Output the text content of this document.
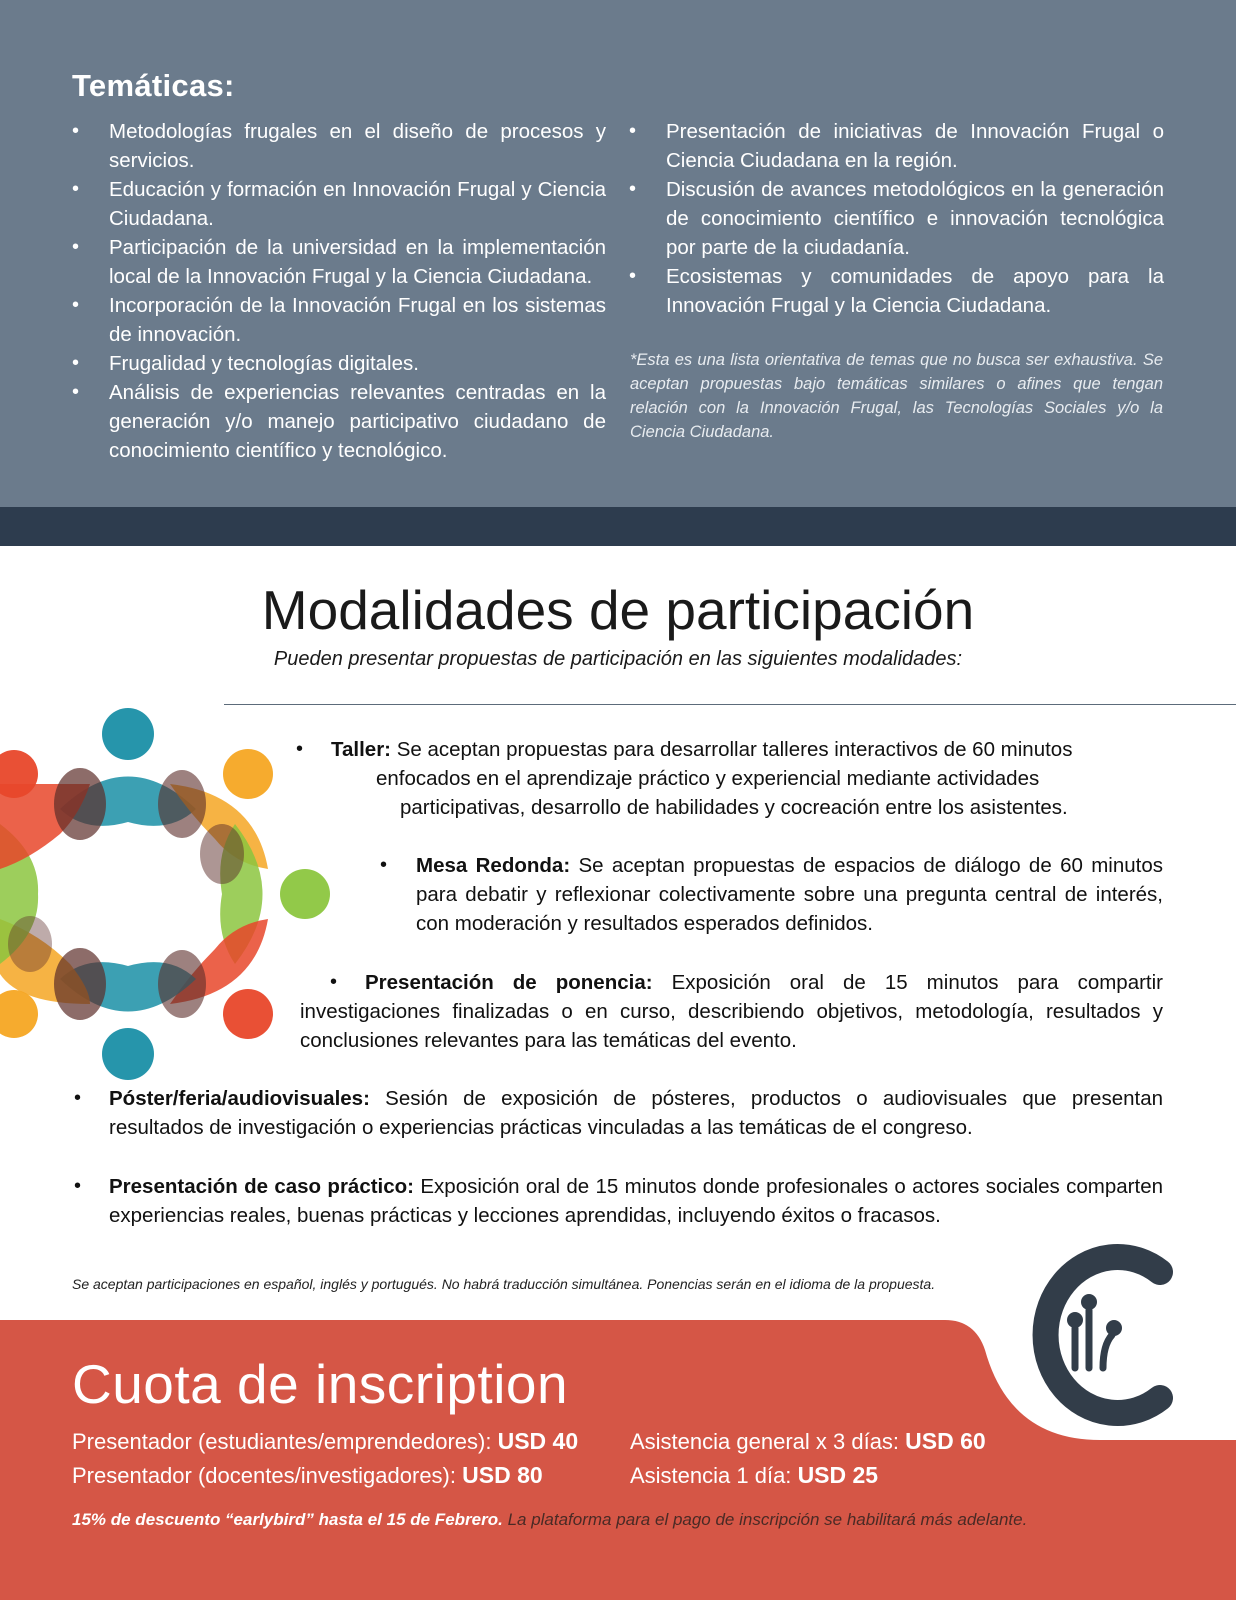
Temáticas:
• Metodologías frugales en el diseño de procesos y servicios.
• Educación y formación en Innovación Frugal y Ciencia Ciudadana.
• Participación de la universidad en la implementación local de la Innovación Frugal y la Ciencia Ciudadana.
• Incorporación de la Innovación Frugal en los sistemas de innovación.
• Frugalidad y tecnologías digitales.
• Análisis de experiencias relevantes centradas en la generación y/o manejo participativo ciudadano de conocimiento científico y tecnológico.
• Presentación de iniciativas de Innovación Frugal o Ciencia Ciudadana en la región.
• Discusión de avances metodológicos en la generación de conocimiento científico e innovación tecnológica por parte de la ciudadanía.
• Ecosistemas y comunidades de apoyo para la Innovación Frugal y la Ciencia Ciudadana.

*Esta es una lista orientativa de temas que no busca ser exhaustiva. Se aceptan propuestas bajo temáticas similares o afines que tengan relación con la Innovación Frugal, las Tecnologías Sociales y/o la Ciencia Ciudadana.

Modalidades de participación

Pueden presentar propuestas de participación en las siguientes modalidades:

• Taller: Se aceptan propuestas para desarrollar talleres interactivos de 60 minutos
enfocados en el aprendizaje práctico y experiencial mediante actividades
participativas, desarrollo de habilidades y cocreación entre los asistentes.

• Mesa Redonda: Se aceptan propuestas de espacios de diálogo de 60 minutos para debatir y reflexionar colectivamente sobre una pregunta central de interés, con moderación y resultados esperados definidos.

•	Presentación de ponencia: Exposición oral de 15 minutos para compartir investigaciones finalizadas o en curso, describiendo objetivos, metodología, resultados y conclusiones relevantes para las temáticas del evento.

• Póster/feria/audiovisuales: Sesión de exposición de pósteres, productos o audiovisuales que presentan resultados de investigación o experiencias prácticas vinculadas a las temáticas de el congreso.

• Presentación de caso práctico: Exposición oral de 15 minutos donde profesionales o actores sociales comparten experiencias reales, buenas prácticas y lecciones aprendidas, incluyendo éxitos o fracasos.

Se aceptan participaciones en español, inglés y portugués. No habrá traducción simultánea. Ponencias serán en el idioma de la propuesta.

Cuota de inscription

Presentador (estudiantes/emprendedores): USD 40

Presentador (docentes/investigadores): USD 80

Asistencia general x 3 días: USD 60

Asistencia 1 día: USD 25

15% de descuento “earlybird” hasta el 15 de Febrero. La plataforma para el pago de inscripción se habilitará más adelante.
